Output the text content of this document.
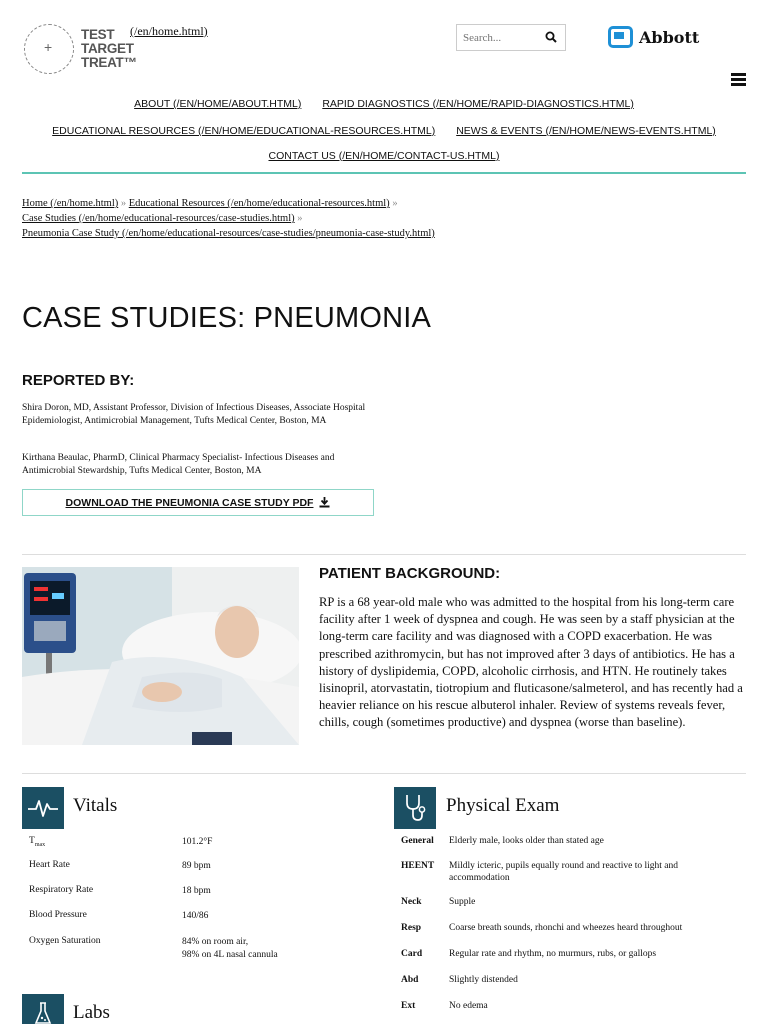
+
TEST
TARGET
TREAT™
(/en/home.html)
Search...	Abbott
ABOUT (/EN/HOME/ABOUT.HTML) RAPID DIAGNOSTICS (/EN/HOME/RAPID-DIAGNOSTICS.HTML)
EDUCATIONAL RESOURCES (/EN/HOME/EDUCATIONAL-RESOURCES.HTML) NEWS & EVENTS (/EN/HOME/NEWS-EVENTS.HTML)
CONTACT US (/EN/HOME/CONTACT-US.HTML)
Home (/en/home.html) » Educational Resources (/en/home/educational-resources.html) »
Case Studies (/en/home/educational-resources/case-studies.html) »
Pneumonia Case Study (/en/home/educational-resources/case-studies/pneumonia-case-study.html)
CASE STUDIES: PNEUMONIA
REPORTED BY:
Shira Doron, MD, Assistant Professor, Division of Infectious Diseases, Associate Hospital Epidemiologist, Antimicrobial Management, Tufts Medical Center, Boston, MA
Kirthana Beaulac, PharmD, Clinical Pharmacy Specialist- Infectious Diseases and Antimicrobial Stewardship, Tufts Medical Center, Boston, MA
DOWNLOAD THE PNEUMONIA CASE STUDY PDF
PATIENT BACKGROUND:
RP is a 68 year-old male who was admitted to the hospital from his long-term care facility after 1 week of dyspnea and cough. He was seen by a staff physician at the long-term care facility and was diagnosed with a COPD exacerbation. He was prescribed azithromycin, but has not improved after 3 days of antibiotics. He has a history of dyslipidemia, COPD, alcoholic cirrhosis, and HTN. He routinely takes lisinopril, atorvastatin, tiotropium and fluticasone/salmeterol, and has recently had a heavier reliance on his rescue albuterol inhaler. Review of systems reveals fever, chills, cough (sometimes productive) and dyspnea (worse than baseline).
Vitals
$T_{max}$	101.2°F
Heart Rate	89 bpm
Respiratory Rate	18 bpm
Blood Pressure	140/86
Oxygen Saturation	84% on room air,
98% on 4L nasal cannula
Physical Exam
General Elderly male, looks older than stated age
HEENT Mildly icteric, pupils equally round and reactive to light and accommodation
Neck	Supple
Resp	Coarse breath sounds, rhonchi and wheezes heard throughout
Card	Regular rate and rhythm, no murmurs, rubs, or gallops
Abd	Slightly distended
Ext	No edema
Labs
